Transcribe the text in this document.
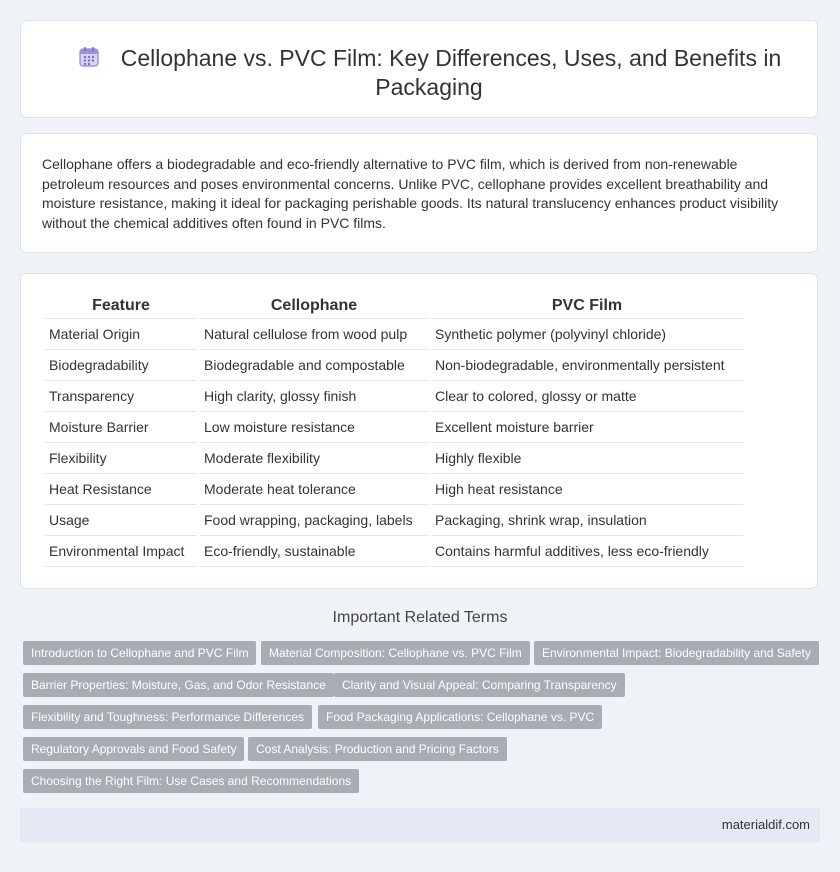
Cellophane vs. PVC Film: Key Differences, Uses, and Benefits in Packaging

Cellophane offers a biodegradable and eco-friendly alternative to PVC film, which is derived from non-renewable petroleum resources and poses environmental concerns. Unlike PVC, cellophane provides excellent breathability and moisture resistance, making it ideal for packaging perishable goods. Its natural translucency enhances product visibility without the chemical additives often found in PVC films.

Feature	Cellophane	PVC Film
Material Origin	Natural cellulose from wood pulp	Synthetic polymer (polyvinyl chloride)
Biodegradability	Biodegradable and compostable	Non-biodegradable, environmentally persistent
Transparency	High clarity, glossy finish	Clear to colored, glossy or matte
Moisture Barrier	Low moisture resistance	Excellent moisture barrier
Flexibility	Moderate flexibility	Highly flexible
Heat Resistance	Moderate heat tolerance	High heat resistance
Usage	Food wrapping, packaging, labels	Packaging, shrink wrap, insulation
Environmental Impact	Eco-friendly, sustainable	Contains harmful additives, less eco-friendly
Important Related Terms
Introduction to Cellophane and PVC Film	Material Composition: Cellophane vs. PVC Film	Environmental Impact: Biodegradability and Safety
Barrier Properties: Moisture, Gas, and Odor Resistance	Clarity and Visual Appeal: Comparing Transparency
Flexibility and Toughness: Performance Differences	Food Packaging Applications: Cellophane vs. PVC
Regulatory Approvals and Food Safety	Cost Analysis: Production and Pricing Factors
Choosing the Right Film: Use Cases and Recommendations
materialdif.com
